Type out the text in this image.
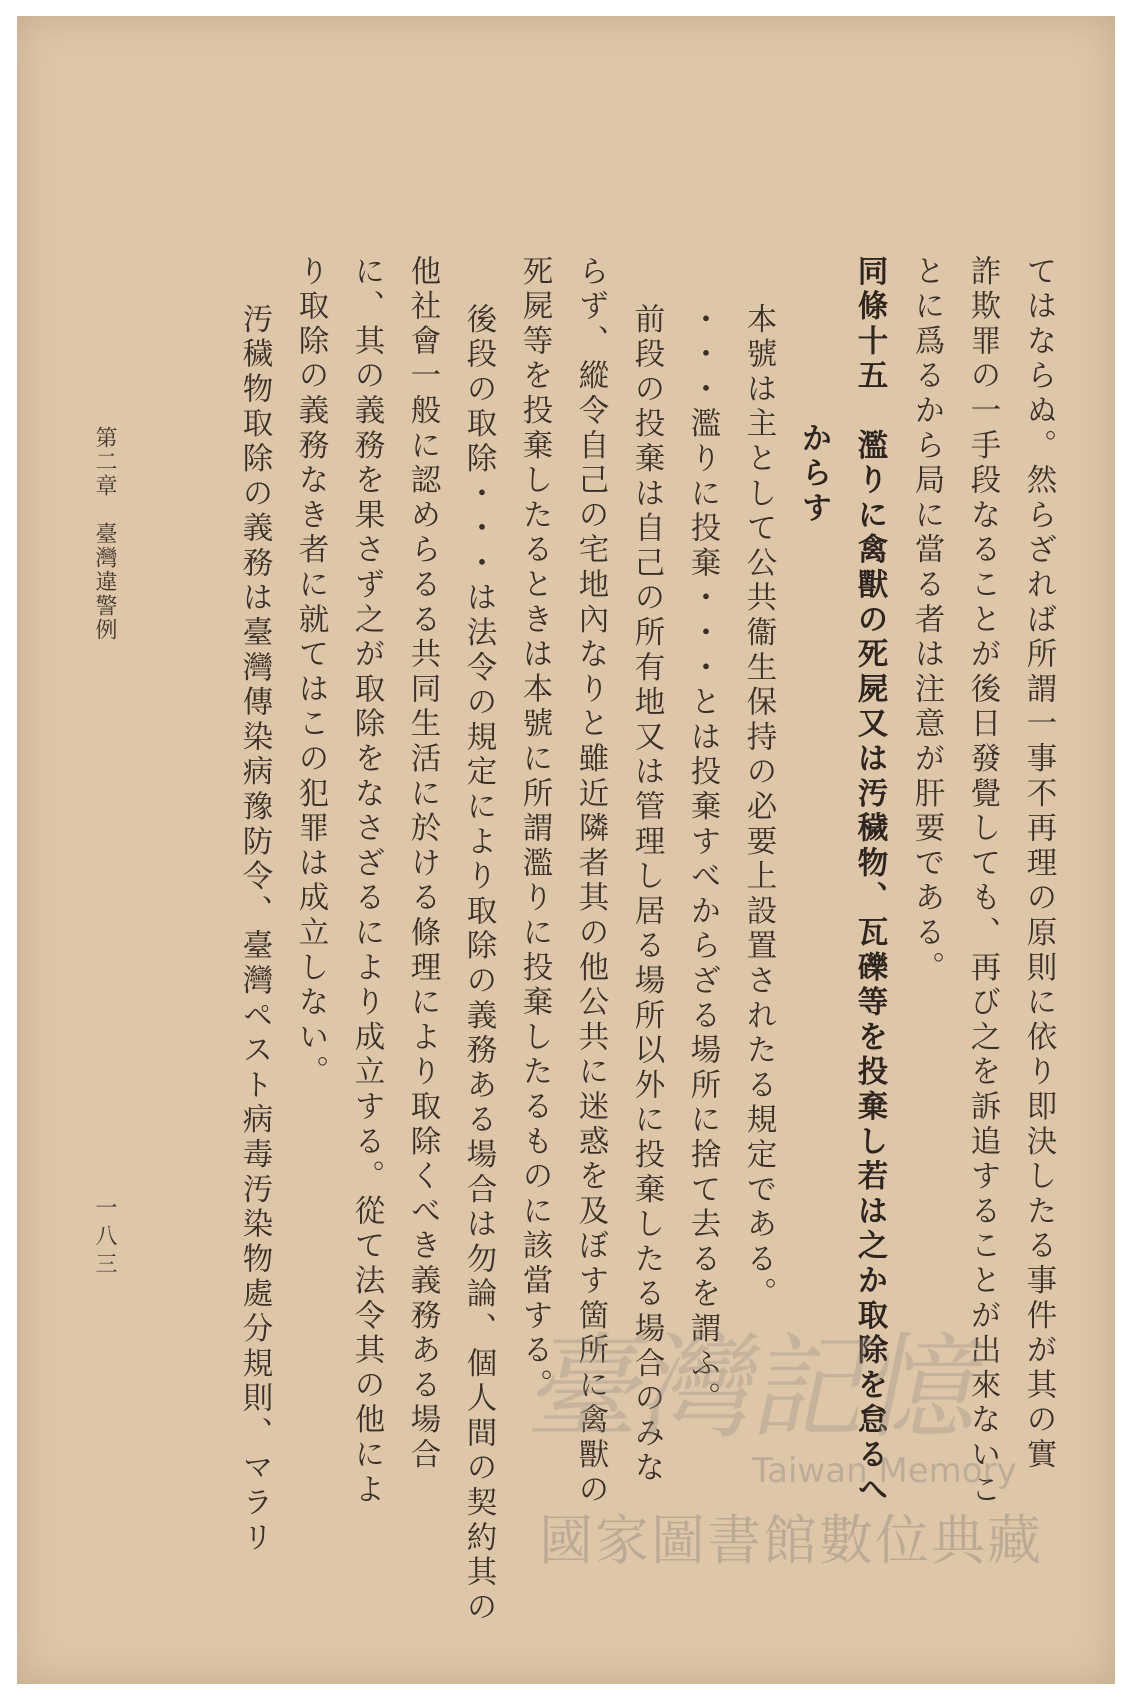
てはならぬ。然らざれば所謂一事不再理の原則に依り即決したる事件が其の實
詐欺罪の一手段なることが後日發覺しても、再び之を訴追することが出來ないこ
とに爲るから局に當る者は注意が肝要である。
同條十五　濫りに禽獸の死屍又は汚穢物、瓦礫等を投棄し若は之か取除を怠るへ
からす
本號は主として公共衞生保持の必要上設置されたる規定である。
・・・濫りに投棄・・・とは投棄すべからざる場所に捨て去るを謂ふ。
前段の投棄は自己の所有地又は管理し居る場所以外に投棄したる場合のみな
らず、縱令自己の宅地內なりと雖近隣者其の他公共に迷惑を及ぼす箇所に禽獸の
死屍等を投棄したるときは本號に所謂濫りに投棄したるものに該當する。
後段の取除・・・は法令の規定により取除の義務ある場合は勿論、個人間の契約其の
他社會一般に認めらるる共同生活に於ける條理により取除くべき義務ある場合
に、其の義務を果さず之が取除をなさざるにより成立する。從て法令其の他によ
り取除の義務なき者に就てはこの犯罪は成立しない。
汚穢物取除の義務は臺灣傳染病豫防令、臺灣ペスト病毒汚染物處分規則、マラリ
第二章　臺灣違警例
一八三
臺灣記憶
Taiwan Memory
國家圖書館數位典藏
